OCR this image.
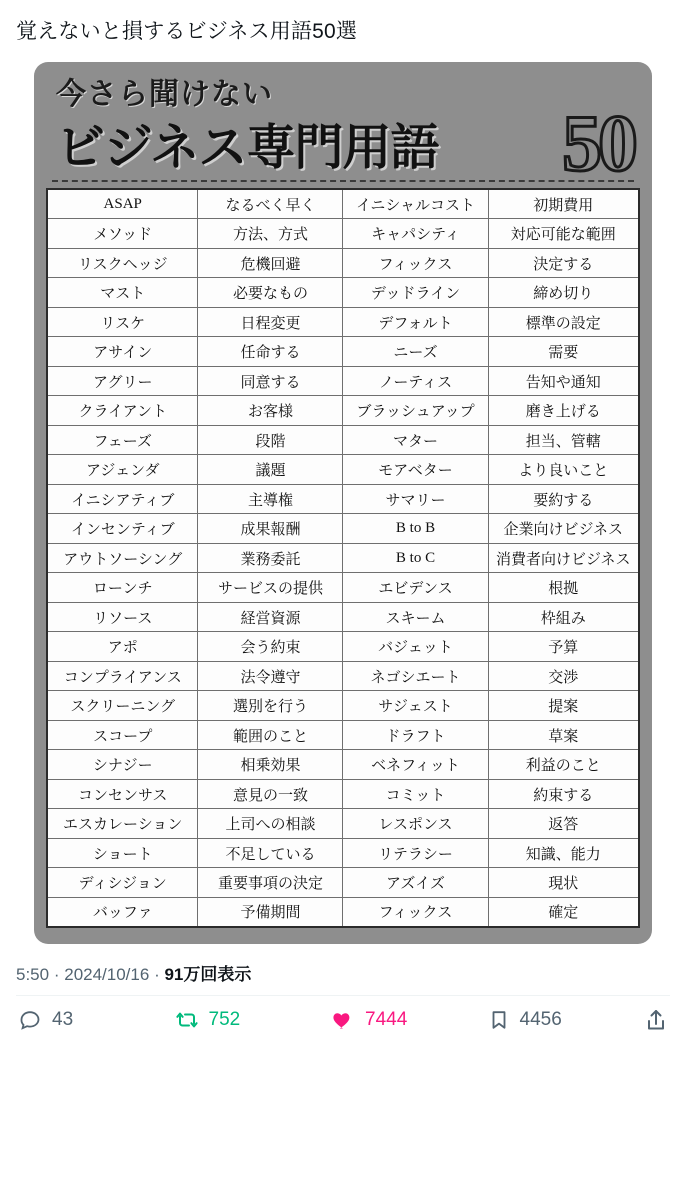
覚えないと損するビジネス用語50選
今さら聞けない
ビジネス専門用語 50
ASAP	なるべく早く	イニシャルコスト	初期費用
メソッド	方法、方式	キャパシティ	対応可能な範囲
リスクヘッジ	危機回避	フィックス	決定する
マスト	必要なもの	デッドライン	締め切り
リスケ	日程変更	デフォルト	標準の設定
アサイン	任命する	ニーズ	需要
アグリー	同意する	ノーティス	告知や通知
クライアント	お客様	ブラッシュアップ	磨き上げる
フェーズ	段階	マター	担当、管轄
アジェンダ	議題	モアベター	より良いこと
イニシアティブ	主導権	サマリー	要約する
インセンティブ	成果報酬	B to B	企業向けビジネス
アウトソーシング	業務委託	B to C	消費者向けビジネス
ローンチ	サービスの提供	エビデンス	根拠
リソース	経営資源	スキーム	枠組み
アポ	会う約束	バジェット	予算
コンプライアンス	法令遵守	ネゴシエート	交渉
スクリーニング	選別を行う	サジェスト	提案
スコープ	範囲のこと	ドラフト	草案
シナジー	相乗効果	ベネフィット	利益のこと
コンセンサス	意見の一致	コミット	約束する
エスカレーション	上司への相談	レスポンス	返答
ショート	不足している	リテラシー	知識、能力
ディシジョン	重要事項の決定	アズイズ	現状
バッファ	予備期間	フィックス	確定
5:50 · 2024/10/16 · 91万回表示
43	752	7444	4456
